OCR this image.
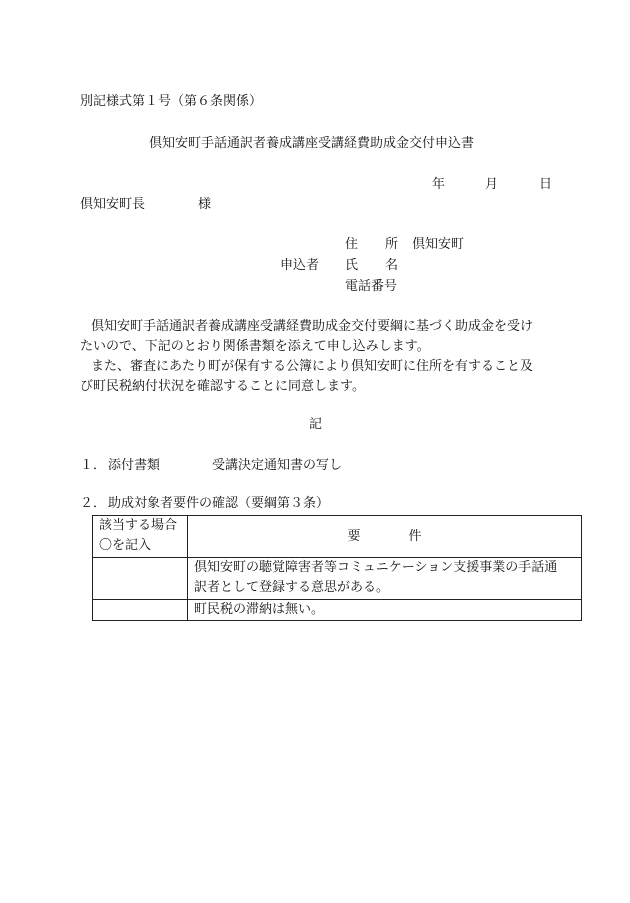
別記様式第１号（第６条関係）
倶知安町手話通訳者養成講座受講経費助成金交付申込書
年	月	日
倶知安町長	様
住 所 倶知安町
申込者 氏 名
電話番号
倶知安町手話通訳者養成講座受講経費助成金交付要綱に基づく助成金を受け
たいので、下記のとおり関係書類を添えて申し込みします。
また、審査にあたり町が保有する公簿により倶知安町に住所を有すること及
び町民税納付状況を確認することに同意します。
記
１． 添付書類	受講決定通知書の写し
２． 助成対象者要件の確認（要綱第３条）
該当する場合
〇を記入	要 件

	倶知安町の聴覚障害者等コミュニケーション支援事業の手話通
訳者として登録する意思がある。

	町民税の滞納は無い。
